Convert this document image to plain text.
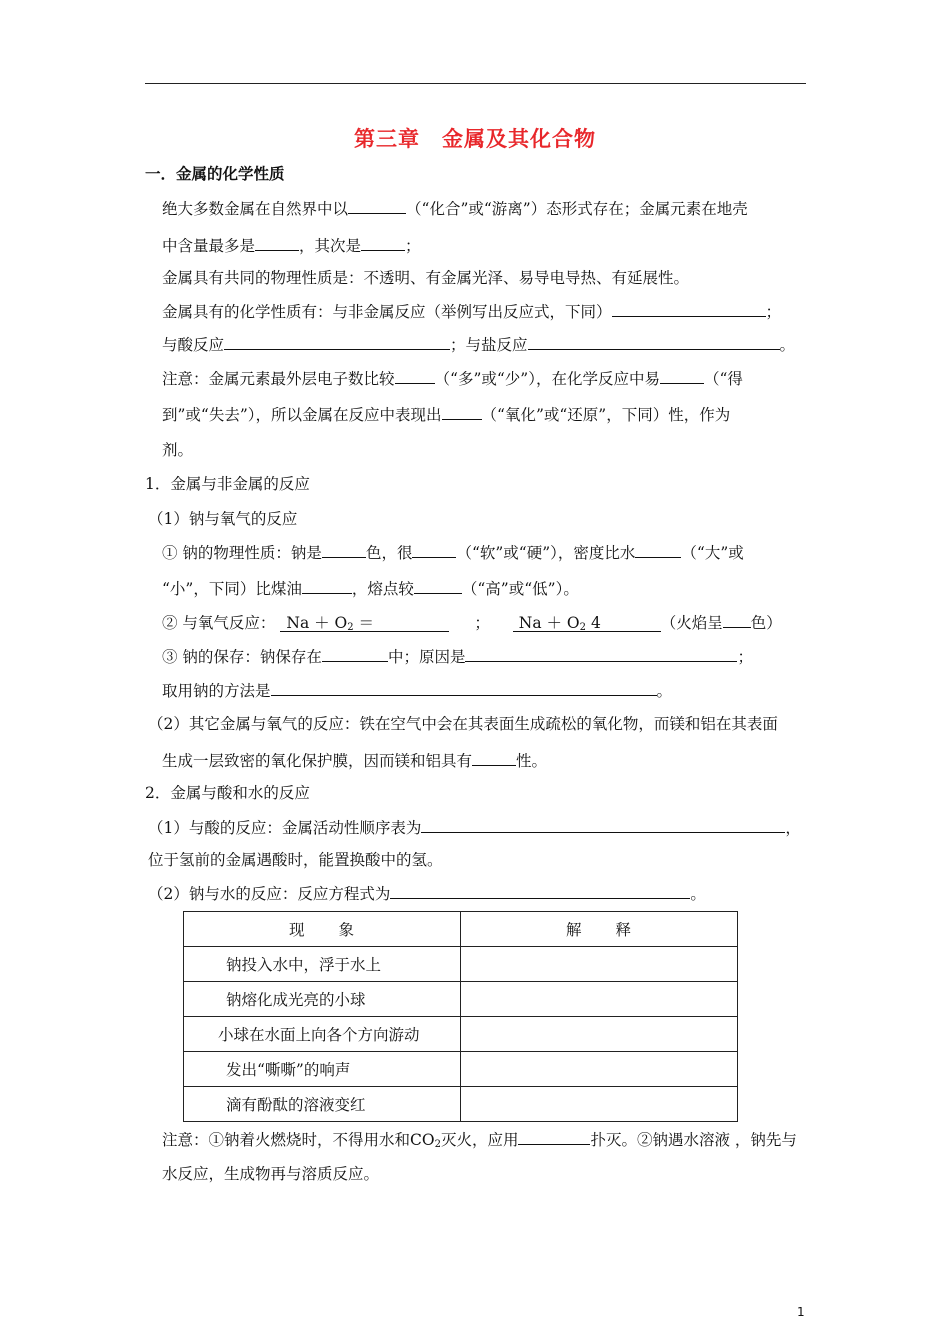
第三章　金属及其化合物
一．金属的化学性质
绝大多数金属在自然界中以	（“化合”或“游离”）态形式存在；金属元素在地壳
中含量最多是	，其次是	；
金属具有共同的物理性质是：不透明、有金属光泽、易导电导热、有延展性。
金属具有的化学性质有：与非金属反应（举例写出反应式，下同）	；
与酸反应	；与盐反应	。
注意：金属元素最外层电子数比较	（“多”或“少”），在化学反应中易	（“得
到”或“失去”），所以金属在反应中表现出	（“氧化”或“还原”，下同）性，作为
剂。
1．金属与非金属的反应
（1）钠与氧气的反应
① 钠的物理性质：钠是	色，很	（“软”或“硬”），密度比水	（“大”或
“小”，下同）比煤油	，熔点较	（“高”或“低”）。
② 与氧气反应： $Na + O_2$ ＝	； $Na + O_2$ 4	（火焰呈 色）
③ 钠的保存：钠保存在	中；原因是	；
取用钠的方法是	。
（2）其它金属与氧气的反应：铁在空气中会在其表面生成疏松的氧化物，而镁和铝在其表面
生成一层致密的氧化保护膜，因而镁和铝具有	性。
2．金属与酸和水的反应
（1）与酸的反应：金属活动性顺序表为	，
位于氢前的金属遇酸时，能置换酸中的氢。
（2）钠与水的反应：反应方程式为	。
现　　象	解　　释
钠投入水中，浮于水上	
钠熔化成光亮的小球	
小球在水面上向各个方向游动	
发出“嘶嘶”的响声	
滴有酚酞的溶液变红	
注意：①钠着火燃烧时，不得用水和$CO_2$灭火，应用	扑灭。②钠遇水溶液 ，钠先与
水反应，生成物再与溶质反应。
1
